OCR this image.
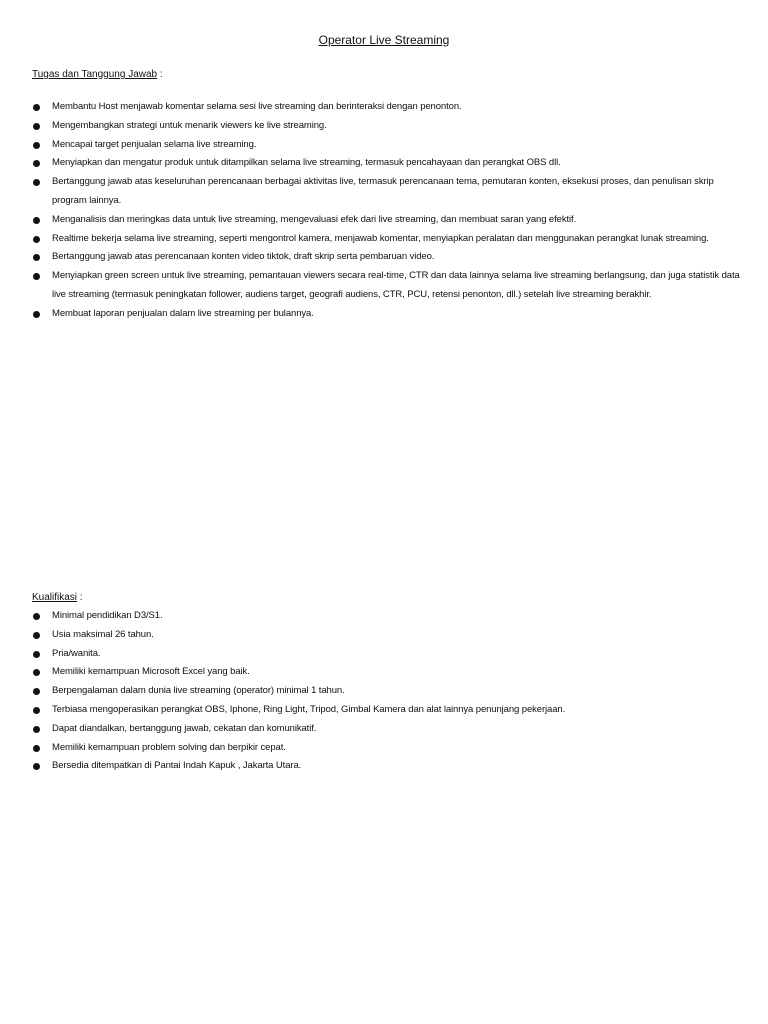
Operator Live Streaming
Tugas dan Tanggung Jawab :
Membantu Host menjawab komentar selama sesi live streaming dan berinteraksi dengan penonton.
Mengembangkan strategi untuk menarik viewers ke live streaming.
Mencapai target penjualan selama live streaming.
Menyiapkan dan mengatur produk untuk ditampilkan selama live streaming, termasuk pencahayaan dan perangkat OBS dll.
Bertanggung jawab atas keseluruhan perencanaan berbagai aktivitas live, termasuk perencanaan tema, pemutaran konten, eksekusi proses, dan penulisan skrip program lainnya.
Menganalisis dan meringkas data untuk live streaming, mengevaluasi efek dari live streaming, dan membuat saran yang efektif.
Realtime bekerja selama live streaming, seperti mengontrol kamera, menjawab komentar, menyiapkan peralatan dan menggunakan perangkat lunak streaming.
Bertanggung jawab atas perencanaan konten video tiktok, draft skrip serta pembaruan video.
Menyiapkan green screen untuk live streaming, pemantauan viewers secara real-time, CTR dan data lainnya selama live streaming berlangsung, dan juga statistik data live streaming (termasuk peningkatan follower, audiens target, geografi audiens, CTR, PCU, retensi penonton, dll.) setelah live streaming berakhir.
Membuat laporan penjualan dalam live streaming per bulannya.
Kualifikasi :
Minimal pendidikan D3/S1.
Usia maksimal 26 tahun.
Pria/wanita.
Memiliki kemampuan Microsoft Excel yang baik.
Berpengalaman dalam dunia live streaming (operator) minimal 1 tahun.
Terbiasa mengoperasikan perangkat OBS, Iphone, Ring Light, Tripod, Gimbal Kamera dan alat lainnya penunjang pekerjaan.
Dapat diandalkan, bertanggung jawab, cekatan dan komunikatif.
Memiliki kemampuan problem solving dan berpikir cepat.
Bersedia ditempatkan di Pantai Indah Kapuk , Jakarta Utara.
